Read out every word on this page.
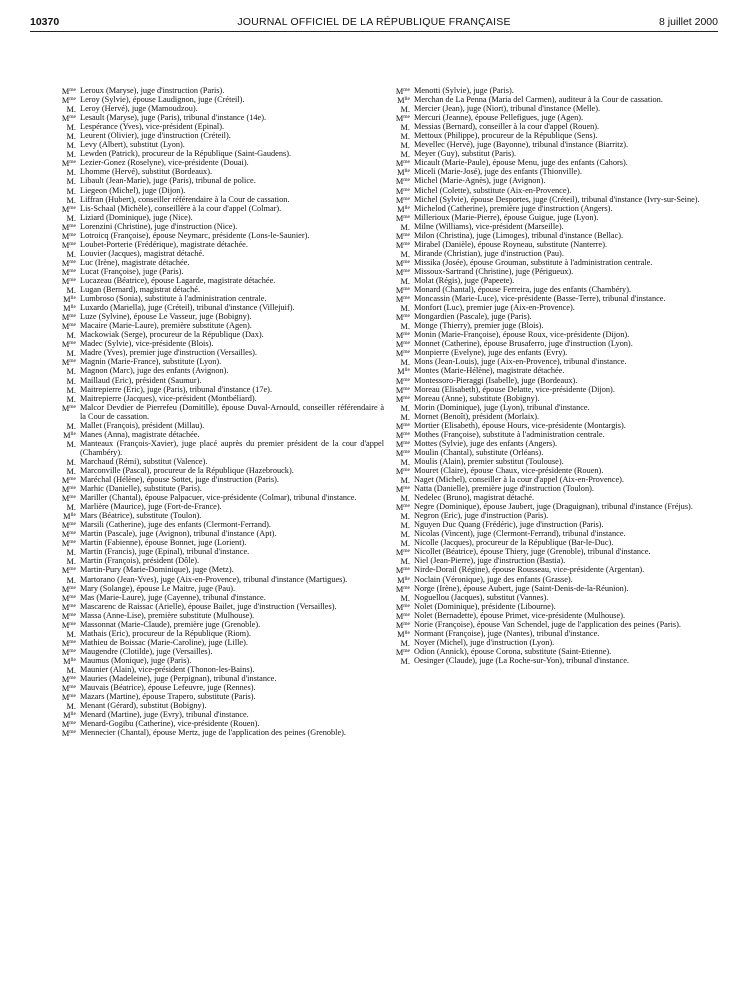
10370	JOURNAL OFFICIEL DE LA RÉPUBLIQUE FRANÇAISE	8 juillet 2000
$M^{me}$ Leroux (Maryse), juge d'instruction (Paris).
$M^{me}$ Leroy (Sylvie), épouse Laudignon, juge (Créteil).
M. Leroy (Hervé), juge (Mamoudzou).
$M^{me}$ Lesault (Maryse), juge (Paris), tribunal d'instance (14e).
M. Lespérance (Yves), vice-président (Epinal).
M. Leurent (Olivier), juge d'instruction (Créteil).
M. Levy (Albert), substitut (Lyon).
M. Lewden (Patrick), procureur de la République (Saint-Gaudens).
$M^{me}$ Lezier-Gonez (Roselyne), vice-présidente (Douai).
M. Lhomme (Hervé), substitut (Bordeaux).
M. Libault (Jean-Marie), juge (Paris), tribunal de police.
M. Liegeon (Michel), juge (Dijon).
M. Liffran (Hubert), conseiller référendaire à la Cour de cassation.
$M^{me}$ Lis-Schaal (Michèle), conseillère à la cour d'appel (Colmar).
M. Liziard (Dominique), juge (Nice).
$M^{me}$ Lorenzini (Christine), juge d'instruction (Nice).
$M^{me}$ Lotroicq (Françoise), épouse Neymarc, présidente (Lons-le-Saunier).
$M^{me}$ Loubet-Porterie (Frédérique), magistrate détachée.
M. Louvier (Jacques), magistrat détaché.
$M^{me}$ Luc (Irène), magistrate détachée.
$M^{me}$ Lucat (Françoise), juge (Paris).
$M^{me}$ Lucazeau (Béatrice), épouse Lagarde, magistrate détachée.
M. Lugan (Bernard), magistrat détaché.
$M^{lle}$ Lumbroso (Sonia), substitute à l'administration centrale.
$M^{lle}$ Luxardo (Mariella), juge (Créteil), tribunal d'instance (Villejuif).
$M^{me}$ Luze (Sylvine), épouse Le Vasseur, juge (Bobigny).
$M^{me}$ Macaire (Marie-Laure), première substitute (Agen).
M. Mackowiak (Serge), procureur de la République (Dax).
$M^{me}$ Madec (Sylvie), vice-présidente (Blois).
M. Madre (Yves), premier juge d'instruction (Versailles).
$M^{me}$ Magnin (Marie-France), substitute (Lyon).
M. Magnon (Marc), juge des enfants (Avignon).
M. Maillaud (Eric), président (Saumur).
M. Maitrepierre (Eric), juge (Paris), tribunal d'instance (17e).
M. Maitrepierre (Jacques), vice-président (Montbéliard).
$M^{me}$ Malcor Devdier de Pierrefeu (Domitille), épouse Duval-Arnould, conseiller référendaire à la Cour de cassation.
M. Mallet (François), président (Millau).
$M^{lle}$ Manes (Anna), magistrate détachée.
M. Manteaux (François-Xavier), juge placé auprès du premier président de la cour d'appel (Chambéry).
M. Marchaud (Rémi), substitut (Valence).
M. Marconville (Pascal), procureur de la République (Hazebrouck).
$M^{me}$ Maréchal (Hélène), épouse Sottet, juge d'instruction (Paris).
$M^{me}$ Marhic (Danielle), substitute (Paris).
$M^{me}$ Mariller (Chantal), épouse Palpacuer, vice-présidente (Colmar), tribunal d'instance.
M. Marlière (Maurice), juge (Fort-de-France).
$M^{lle}$ Mars (Béatrice), substitute (Toulon).
$M^{me}$ Marsili (Catherine), juge des enfants (Clermont-Ferrand).
$M^{me}$ Martin (Pascale), juge (Avignon), tribunal d'instance (Apt).
$M^{me}$ Martin (Fabienne), épouse Bonnet, juge (Lorient).
M. Martin (Francis), juge (Epinal), tribunal d'instance.
M. Martin (François), président (Dôle).
$M^{me}$ Martin-Pury (Marie-Dominique), juge (Metz).
M. Martorano (Jean-Yves), juge (Aix-en-Provence), tribunal d'instance (Martigues).
$M^{me}$ Mary (Solange), épouse Le Maitre, juge (Pau).
$M^{me}$ Mas (Marie-Laure), juge (Cayenne), tribunal d'instance.
$M^{me}$ Mascarenc de Raissac (Arielle), épouse Bailet, juge d'instruction (Versailles).
$M^{me}$ Massa (Anne-Lise), première substitute (Mulhouse).
$M^{me}$ Massonnat (Marie-Claude), première juge (Grenoble).
M. Mathais (Eric), procureur de la République (Riom).
$M^{me}$ Mathieu de Boissac (Marie-Caroline), juge (Lille).
$M^{me}$ Maugendre (Clotilde), juge (Versailles).
$M^{lle}$ Maumus (Monique), juge (Paris).
M. Maunier (Alain), vice-président (Thonon-les-Bains).
$M^{me}$ Mauries (Madeleine), juge (Perpignan), tribunal d'instance.
$M^{me}$ Mauvais (Béatrice), épouse Lefeuvre, juge (Rennes).
$M^{me}$ Mazars (Martine), épouse Trapero, substitute (Paris).
M. Menant (Gérard), substitut (Bobigny).
$M^{lle}$ Menard (Martine), juge (Evry), tribunal d'instance.
$M^{me}$ Menard-Gogibu (Catherine), vice-présidente (Rouen).
$M^{me}$ Mennecier (Chantal), épouse Mertz, juge de l'application des peines (Grenoble).
$M^{me}$ Menotti (Sylvie), juge (Paris).
$M^{lle}$ Merchan de La Penna (Maria del Carmen), auditeur à la Cour de cassation.
M. Mercier (Jean), juge (Niort), tribunal d'instance (Melle).
$M^{me}$ Mercuri (Jeanne), épouse Pellefigues, juge (Agen).
M. Messias (Bernard), conseiller à la cour d'appel (Rouen).
M. Mettoux (Philippe), procureur de la République (Sens).
M. Mevellec (Hervé), juge (Bayonne), tribunal d'instance (Biarritz).
M. Meyer (Guy), substitut (Paris).
$M^{me}$ Micault (Marie-Paule), épouse Menu, juge des enfants (Cahors).
$M^{lle}$ Miceli (Marie-José), juge des enfants (Thionville).
$M^{me}$ Michel (Marie-Agnès), juge (Avignon).
$M^{me}$ Michel (Colette), substitute (Aix-en-Provence).
$M^{me}$ Michel (Sylvie), épouse Desportes, juge (Créteil), tribunal d'instance (Ivry-sur-Seine).
$M^{lle}$ Michelod (Catherine), première juge d'instruction (Angers).
$M^{me}$ Millerioux (Marie-Pierre), épouse Guigue, juge (Lyon).
M. Milne (Williams), vice-président (Marseille).
$M^{me}$ Milon (Christina), juge (Limoges), tribunal d'instance (Bellac).
$M^{me}$ Mirabel (Danièle), épouse Royneau, substitute (Nanterre).
M. Mirande (Christian), juge d'instruction (Pau).
$M^{me}$ Missika (Josée), épouse Grouman, substitute à l'administration centrale.
$M^{me}$ Missoux-Sartrand (Christine), juge (Périgueux).
M. Molat (Régis), juge (Papeete).
$M^{me}$ Monard (Chantal), épouse Ferreira, juge des enfants (Chambéry).
$M^{me}$ Moncassin (Marie-Luce), vice-présidente (Basse-Terre), tribunal d'instance.
M. Monfort (Luc), premier juge (Aix-en-Provence).
$M^{me}$ Mongardien (Pascale), juge (Paris).
M. Monge (Thierry), premier juge (Blois).
$M^{me}$ Monin (Marie-Françoise), épouse Roux, vice-présidente (Dijon).
$M^{me}$ Monnet (Catherine), épouse Brusaferro, juge d'instruction (Lyon).
$M^{me}$ Monpierre (Evelyne), juge des enfants (Evry).
M. Mons (Jean-Louis), juge (Aix-en-Provence), tribunal d'instance.
$M^{lle}$ Montes (Marie-Hélène), magistrate détachée.
$M^{me}$ Montessoro-Pieraggi (Isabelle), juge (Bordeaux).
$M^{me}$ Moreau (Elisabeth), épouse Delatte, vice-présidente (Dijon).
$M^{me}$ Moreau (Anne), substitute (Bobigny).
M. Morin (Dominique), juge (Lyon), tribunal d'instance.
M. Mornet (Benoît), président (Morlaix).
$M^{me}$ Mortier (Elisabeth), épouse Hours, vice-présidente (Montargis).
$M^{me}$ Mothes (Françoise), substitute à l'administration centrale.
$M^{me}$ Mottes (Sylvie), juge des enfants (Angers).
$M^{me}$ Moulin (Chantal), substitute (Orléans).
M. Moulis (Alain), premier substitut (Toulouse).
$M^{me}$ Mouret (Claire), épouse Chaux, vice-présidente (Rouen).
M. Naget (Michel), conseiller à la cour d'appel (Aix-en-Provence).
$M^{me}$ Natta (Danielle), première juge d'instruction (Toulon).
M. Nedelec (Bruno), magistrat détaché.
$M^{me}$ Negre (Dominique), épouse Jaubert, juge (Draguignan), tribunal d'instance (Fréjus).
M. Negron (Eric), juge d'instruction (Paris).
M. Nguyen Duc Quang (Frédéric), juge d'instruction (Paris).
M. Nicolas (Vincent), juge (Clermont-Ferrand), tribunal d'instance.
M. Nicolle (Jacques), procureur de la République (Bar-le-Duc).
$M^{me}$ Nicollet (Béatrice), épouse Thiery, juge (Grenoble), tribunal d'instance.
M. Niel (Jean-Pierre), juge d'instruction (Bastia).
$M^{me}$ Nirde-Dorail (Régine), épouse Rousseau, vice-présidente (Argentan).
$M^{lle}$ Noclain (Véronique), juge des enfants (Grasse).
$M^{me}$ Norge (Irène), épouse Aubert, juge (Saint-Denis-de-la-Réunion).
M. Noguellou (Jacques), substitut (Vannes).
$M^{me}$ Nolet (Dominique), présidente (Libourne).
$M^{me}$ Nolet (Bernadette), épouse Primet, vice-présidente (Mulhouse).
$M^{me}$ Norie (Françoise), épouse Van Schendel, juge de l'application des peines (Paris).
$M^{lle}$ Normant (Françoise), juge (Nantes), tribunal d'instance.
M. Noyer (Michel), juge d'instruction (Lyon).
$M^{me}$ Odion (Annick), épouse Corona, substitute (Saint-Etienne).
M. Oesinger (Claude), juge (La Roche-sur-Yon), tribunal d'instance.
